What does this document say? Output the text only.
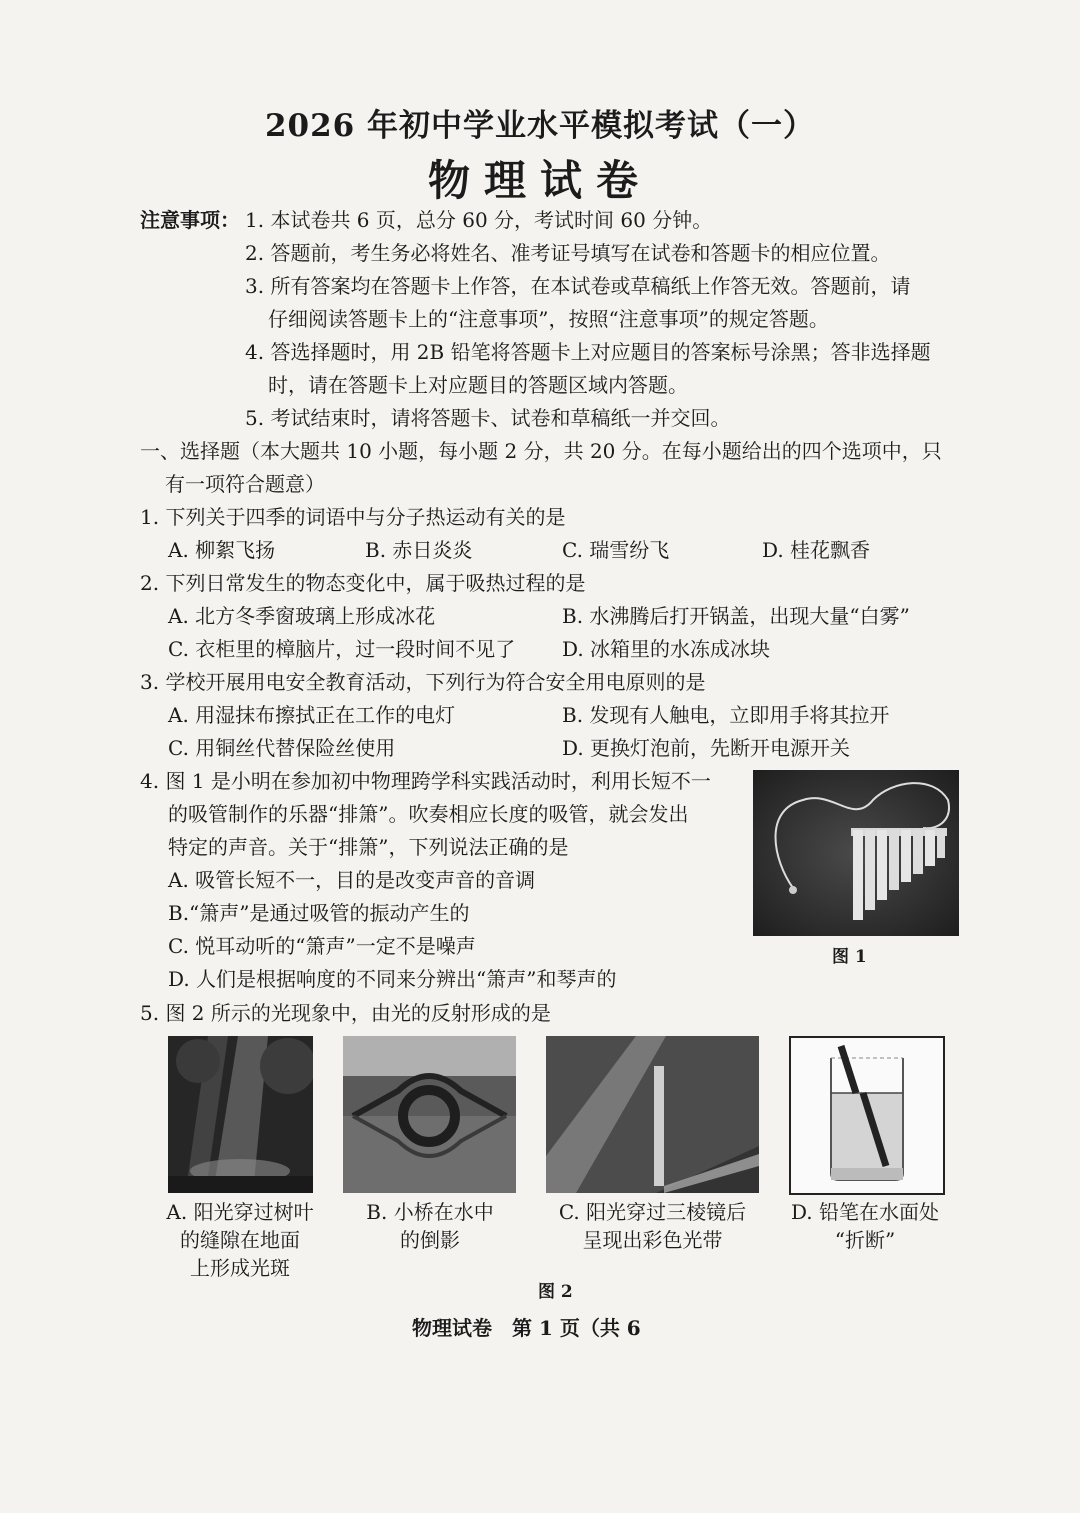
2026 年初中学业水平模拟考试（一）
物理试卷
注意事项： 1. 本试卷共 6 页，总分 60 分，考试时间 60 分钟。
2. 答题前，考生务必将姓名、准考证号填写在试卷和答题卡的相应位置。
3. 所有答案均在答题卡上作答，在本试卷或草稿纸上作答无效。答题前，请
仔细阅读答题卡上的“注意事项”，按照“注意事项”的规定答题。
4. 答选择题时，用 2B 铅笔将答题卡上对应题目的答案标号涂黑；答非选择题
时，请在答题卡上对应题目的答题区域内答题。
5. 考试结束时，请将答题卡、试卷和草稿纸一并交回。
一、选择题（本大题共 10 小题，每小题 2 分，共 20 分。在每小题给出的四个选项中，只
有一项符合题意）
1. 下列关于四季的词语中与分子热运动有关的是
A. 柳絮飞扬	B. 赤日炎炎	C. 瑞雪纷飞	D. 桂花飘香
2. 下列日常发生的物态变化中，属于吸热过程的是
A. 北方冬季窗玻璃上形成冰花	B. 水沸腾后打开锅盖，出现大量“白雾”
C. 衣柜里的樟脑片，过一段时间不见了 D. 冰箱里的水冻成冰块
3. 学校开展用电安全教育活动，下列行为符合安全用电原则的是
A. 用湿抹布擦拭正在工作的电灯	B. 发现有人触电，立即用手将其拉开
C. 用铜丝代替保险丝使用	D. 更换灯泡前，先断开电源开关
4. 图 1 是小明在参加初中物理跨学科实践活动时，利用长短不一
的吸管制作的乐器“排箫”。吹奏相应长度的吸管，就会发出
特定的声音。关于“排箫”，下列说法正确的是
A. 吸管长短不一，目的是改变声音的音调
B.“箫声”是通过吸管的振动产生的
C. 悦耳动听的“箫声”一定不是噪声
D. 人们是根据响度的不同来分辨出“箫声”和琴声的
图 1
5. 图 2 所示的光现象中，由光的反射形成的是
A. 阳光穿过树叶
的缝隙在地面
上形成光斑
B. 小桥在水中
的倒影
C. 阳光穿过三棱镜后
呈现出彩色光带
D. 铅笔在水面处
“折断”
图 2
物理试卷　第 1 页（共 6
